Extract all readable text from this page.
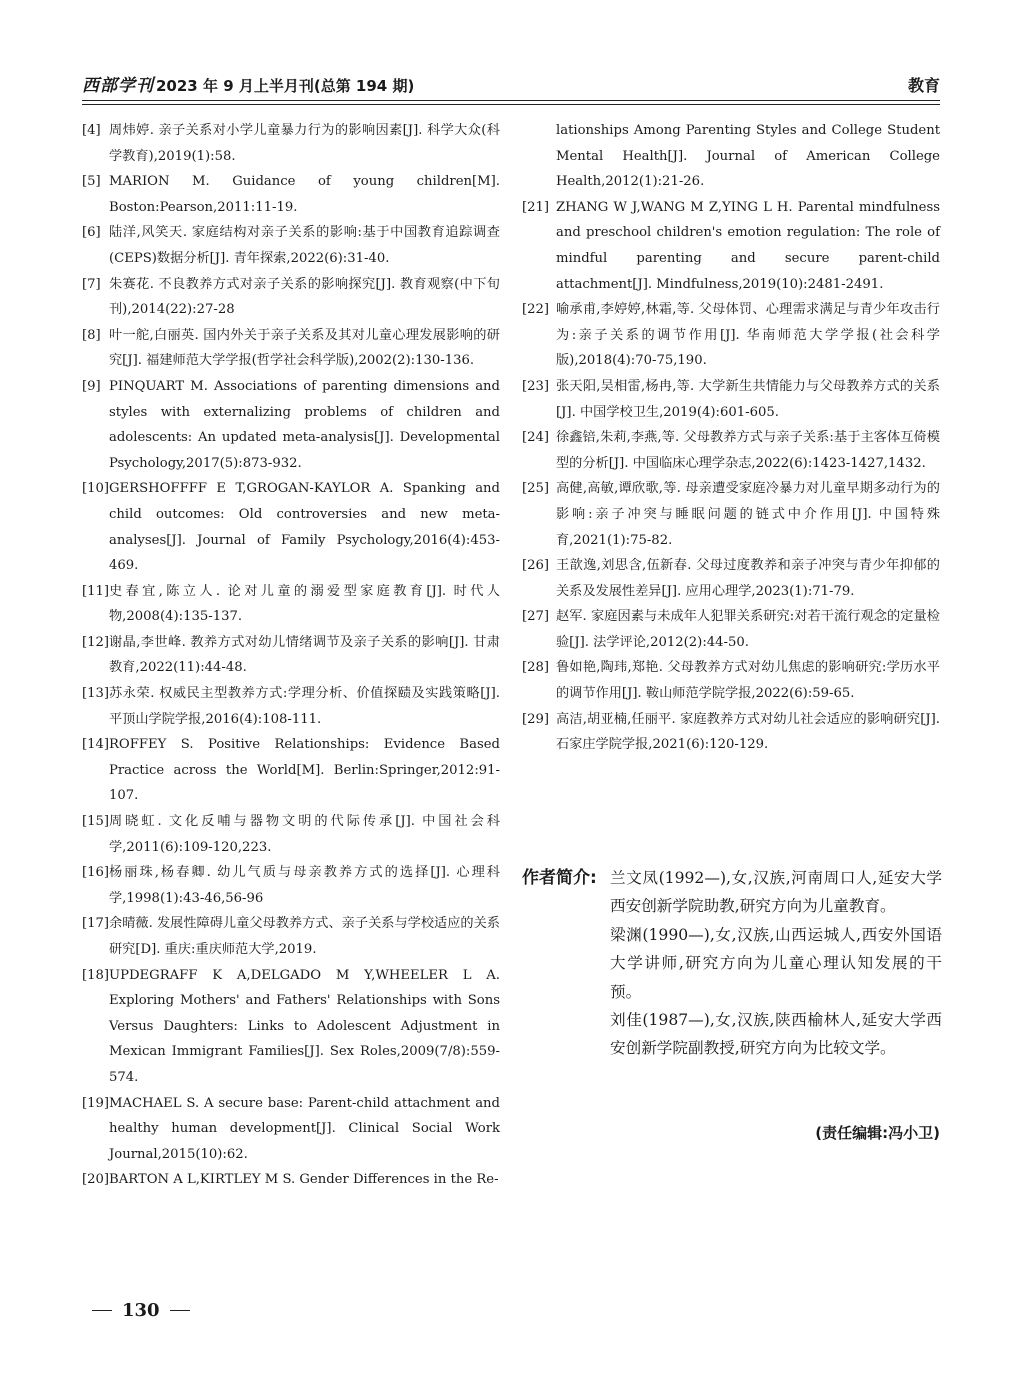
西部学刊 2023 年 9 月上半月刊(总第 194 期)	教育
[4] 周炜婷. 亲子关系对小学儿童暴力行为的影响因素[J]. 科学大众(科学教育),2019(1):58.
[5] MARION M. Guidance of young children[M]. Boston:Pearson,2011:11-19.
[6] 陆洋,风笑天. 家庭结构对亲子关系的影响:基于中国教育追踪调查(CEPS)数据分析[J]. 青年探索,2022(6):31-40.
[7] 朱赛花. 不良教养方式对亲子关系的影响探究[J]. 教育观察(中下旬刊),2014(22):27-28
[8] 叶一舵,白丽英. 国内外关于亲子关系及其对儿童心理发展影响的研究[J]. 福建师范大学学报(哲学社会科学版),2002(2):130-136.
[9] PINQUART M. Associations of parenting dimensions and styles with externalizing problems of children and adolescents: An updated meta-analysis[J]. Developmental Psychology,2017(5):873-932.
[10] GERSHOFFFF E T,GROGAN-KAYLOR A. Spanking and child outcomes: Old controversies and new meta-analyses[J]. Journal of Family Psychology,2016(4):453-469.
[11] 史春宜,陈立人. 论对儿童的溺爱型家庭教育[J]. 时代人物,2008(4):135-137.
[12] 谢晶,李世峰. 教养方式对幼儿情绪调节及亲子关系的影响[J]. 甘肃教育,2022(11):44-48.
[13] 苏永荣. 权威民主型教养方式:学理分析、价值探赜及实践策略[J]. 平顶山学院学报,2016(4):108-111.
[14] ROFFEY S. Positive Relationships: Evidence Based Practice across the World[M]. Berlin:Springer,2012:91-107.
[15] 周晓虹. 文化反哺与器物文明的代际传承[J]. 中国社会科学,2011(6):109-120,223.
[16] 杨丽珠,杨春卿. 幼儿气质与母亲教养方式的选择[J]. 心理科学,1998(1):43-46,56-96
[17] 余晴薇. 发展性障碍儿童父母教养方式、亲子关系与学校适应的关系研究[D]. 重庆:重庆师范大学,2019.
[18] UPDEGRAFF K A,DELGADO M Y,WHEELER L A. Exploring Mothers' and Fathers' Relationships with Sons Versus Daughters: Links to Adolescent Adjustment in Mexican Immigrant Families[J]. Sex Roles,2009(7/8):559-574.
[19] MACHAEL S. A secure base: Parent-child attachment and healthy human development[J]. Clinical Social Work Journal,2015(10):62.
[20] BARTON A L,KIRTLEY M S. Gender Differences in the Re-
lationships Among Parenting Styles and College Student Mental Health[J]. Journal of American College Health,2012(1):21-26.
[21] ZHANG W J,WANG M Z,YING L H. Parental mindfulness and preschool children's emotion regulation: The role of mindful parenting and secure parent-child attachment[J]. Mindfulness,2019(10):2481-2491.
[22] 喻承甫,李婷婷,林霜,等. 父母体罚、心理需求满足与青少年攻击行为:亲子关系的调节作用[J]. 华南师范大学学报(社会科学版),2018(4):70-75,190.
[23] 张天阳,吴相雷,杨冉,等. 大学新生共情能力与父母教养方式的关系[J]. 中国学校卫生,2019(4):601-605.
[24] 徐鑫锫,朱莉,李燕,等. 父母教养方式与亲子关系:基于主客体互倚模型的分析[J]. 中国临床心理学杂志,2022(6):1423-1427,1432.
[25] 高健,高敏,谭欣歌,等. 母亲遭受家庭冷暴力对儿童早期多动行为的影响:亲子冲突与睡眠问题的链式中介作用[J]. 中国特殊育,2021(1):75-82.
[26] 王歆逸,刘思含,伍新春. 父母过度教养和亲子冲突与青少年抑郁的关系及发展性差异[J]. 应用心理学,2023(1):71-79.
[27] 赵军. 家庭因素与未成年人犯罪关系研究:对若干流行观念的定量检验[J]. 法学评论,2012(2):44-50.
[28] 鲁如艳,陶玮,郑艳. 父母教养方式对幼儿焦虑的影响研究:学历水平的调节作用[J]. 鞍山师范学院学报,2022(6):59-65.
[29] 高洁,胡亚楠,任丽平. 家庭教养方式对幼儿社会适应的影响研究[J]. 石家庄学院学报,2021(6):120-129.
作者简介: 兰文凤(1992—),女,汉族,河南周口人,延安大学西安创新学院助教,研究方向为儿童教育。

梁渊(1990—),女,汉族,山西运城人,西安外国语大学讲师,研究方向为儿童心理认知发展的干预。

刘佳(1987—),女,汉族,陕西榆林人,延安大学西安创新学院副教授,研究方向为比较文学。

(责任编辑:冯小卫)
130
